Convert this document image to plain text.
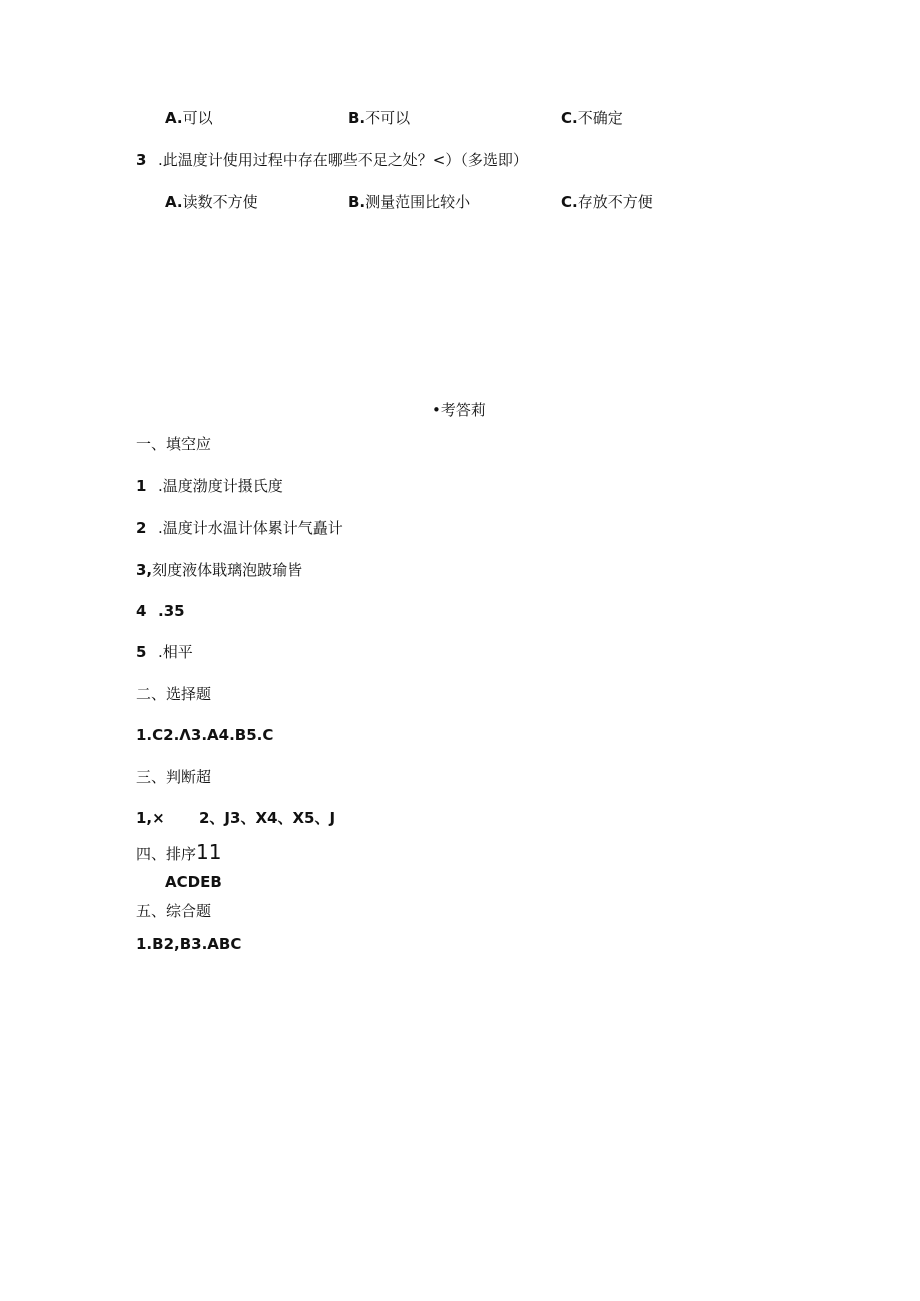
A.可以	B.不可以	C.不确定
3 .此温度计使用过程中存在哪些不足之处？<）（多选即）
A.读数不方使	B.测量范围比较小	C.存放不方便
•考答莉
一、填空应
1 .温度渤度计摄氏度
2 .温度计水温计体累计气矗计
3,刻度液体戢璃泡跛瑜皆
4 .35
5 .相平
二、选择题
1.C2.Λ3.A4.B5.C
三、判断超
1,× 2、J3、X4、X5、J
四、排序11
ACDEB
五、综合题
1.B2,B3.ABC
